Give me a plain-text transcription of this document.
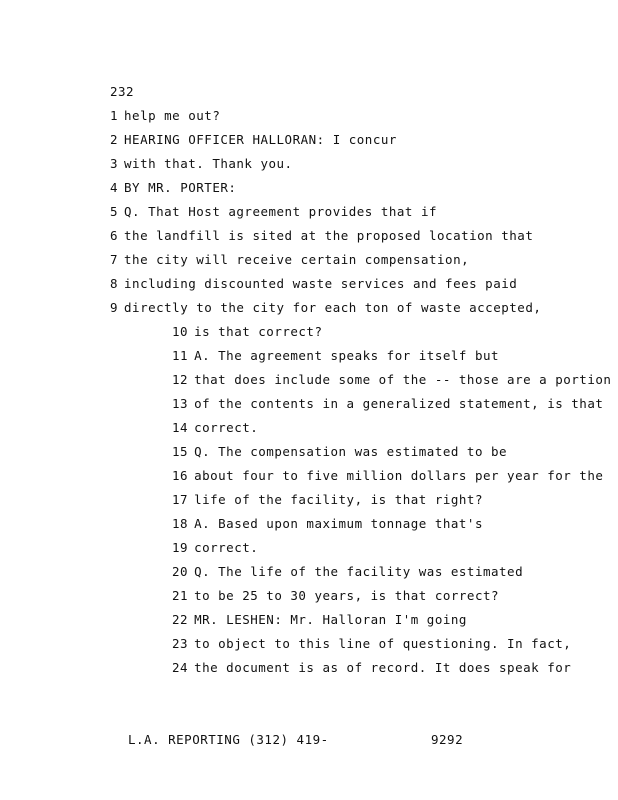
232
1 help me out?
2 HEARING OFFICER HALLORAN: I concur
3 with that. Thank you.
4 BY MR. PORTER:
5 Q. That Host agreement provides that if
6 the landfill is sited at the proposed location that
7 the city will receive certain compensation,
8 including discounted waste services and fees paid
9 directly to the city for each ton of waste accepted,
10 is that correct?
11 A. The agreement speaks for itself but
12 that does include some of the -- those are a portion
13 of the contents in a generalized statement, is that
14 correct.
15 Q. The compensation was estimated to be
16 about four to five million dollars per year for the
17 life of the facility, is that right?
18 A. Based upon maximum tonnage that's
19 correct.
20 Q. The life of the facility was estimated
21 to be 25 to 30 years, is that correct?
22 MR. LESHEN: Mr. Halloran I'm going
23 to object to this line of questioning. In fact,
24 the document is as of record. It does speak for
L.A. REPORTING (312) 419-	9292
